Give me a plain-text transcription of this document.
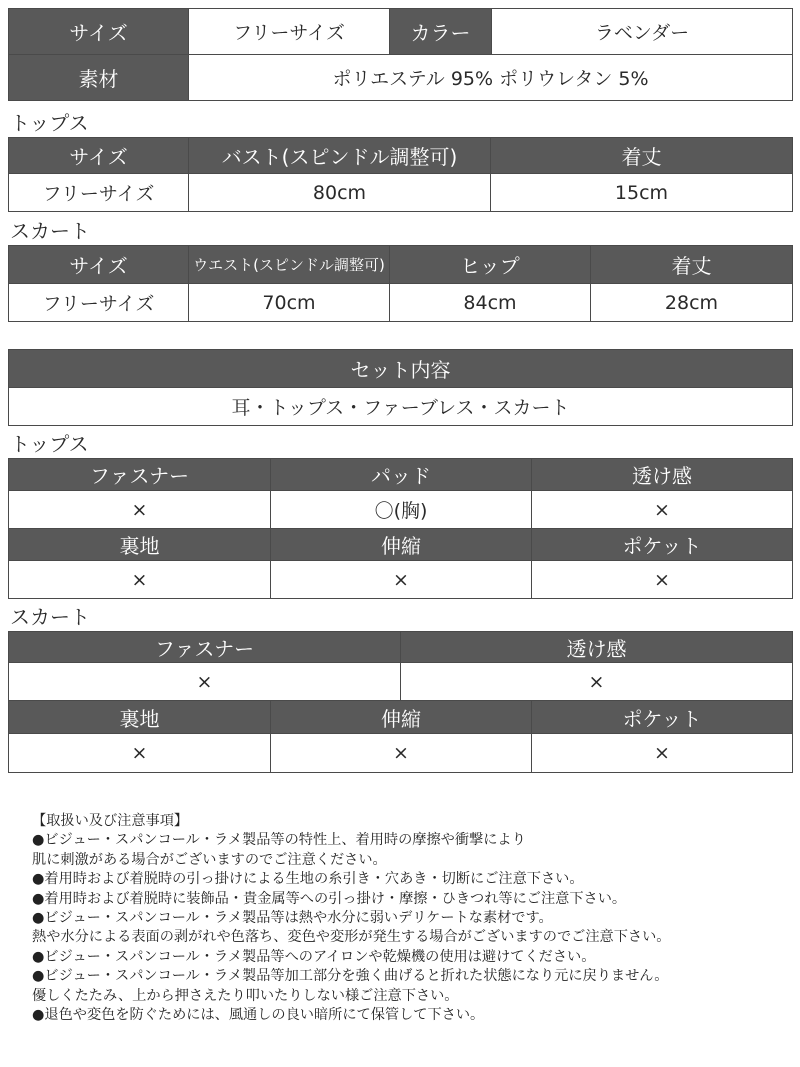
サイズ	フリーサイズ	カラー	ラベンダー
素材	ポリエステル 95% ポリウレタン 5%		
トップス
サイズ	バスト(スピンドル調整可)	着丈
フリーサイズ	80cm	15cm
スカート
サイズ	ウエスト(スピンドル調整可)	ヒップ	着丈
フリーサイズ	70cm	84cm	28cm
セット内容
耳・トップス・ファーブレス・スカート
トップス
ファスナー	パッド	透け感
×	〇(胸)	×
裏地	伸縮	ポケット
×	×	×
スカート
ファスナー	透け感
×	×
裏地	伸縮	ポケット
×	×	×
【取扱い及び注意事項】
●ビジュー・スパンコール・ラメ製品等の特性上、着用時の摩擦や衝撃により
肌に刺激がある場合がございますのでご注意ください。
●着用時および着脱時の引っ掛けによる生地の糸引き・穴あき・切断にご注意下さい。
●着用時および着脱時に装飾品・貴金属等への引っ掛け・摩擦・ひきつれ等にご注意下さい。
●ビジュー・スパンコール・ラメ製品等は熱や水分に弱いデリケートな素材です。
熱や水分による表面の剥がれや色落ち、変色や変形が発生する場合がございますのでご注意下さい。
●ビジュー・スパンコール・ラメ製品等へのアイロンや乾燥機の使用は避けてください。
●ビジュー・スパンコール・ラメ製品等加工部分を強く曲げると折れた状態になり元に戻りません。
優しくたたみ、上から押さえたり叩いたりしない様ご注意下さい。
●退色や変色を防ぐためには、風通しの良い暗所にて保管して下さい。
